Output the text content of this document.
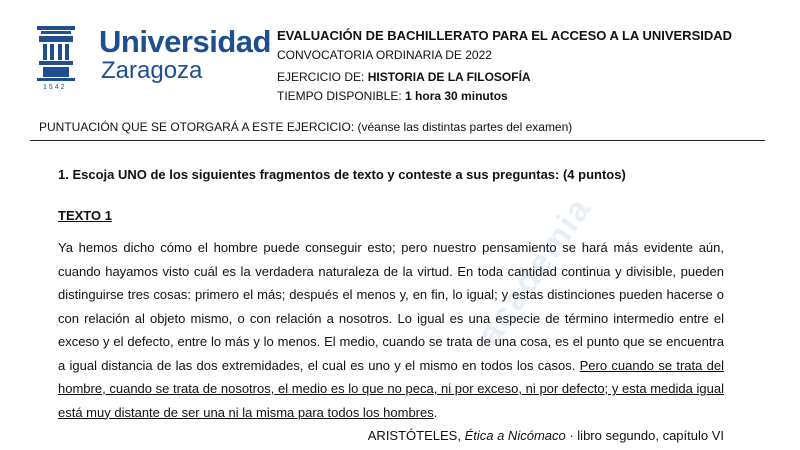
1542
Universidad
Zaragoza
EVALUACIÓN DE BACHILLERATO PARA EL ACCESO A LA UNIVERSIDAD
CONVOCATORIA ORDINARIA DE 2022
EJERCICIO DE: HISTORIA DE LA FILOSOFÍA
TIEMPO DISPONIBLE: 1 hora 30 minutos
PUNTUACIÓN QUE SE OTORGARÁ A ESTE EJERCICIO: (véanse las distintas partes del examen)
1. Escoja UNO de los siguientes fragmentos de texto y conteste a sus preguntas: (4 puntos)
TEXTO 1
Ya hemos dicho cómo el hombre puede conseguir esto; pero nuestro pensamiento se hará más evidente aún, cuando hayamos visto cuál es la verdadera naturaleza de la virtud. En toda cantidad continua y divisible, pueden distinguirse tres cosas: primero el más; después el menos y, en fin, lo igual; y estas distinciones pueden hacerse o con relación al objeto mismo, o con relación a nosotros. Lo igual es una especie de término intermedio entre el exceso y el defecto, entre lo más y lo menos. El medio, cuando se trata de una cosa, es el punto que se encuentra a igual distancia de las dos extremidades, el cual es uno y el mismo en todos los casos. Pero cuando se trata del hombre, cuando se trata de nosotros, el medio es lo que no peca, ni por exceso, ni por defecto; y esta medida igual está muy distante de ser una ni la misma para todos los hombres.
ARISTÓTELES, Ética a Nicómaco · libro segundo, capítulo VI
academia
